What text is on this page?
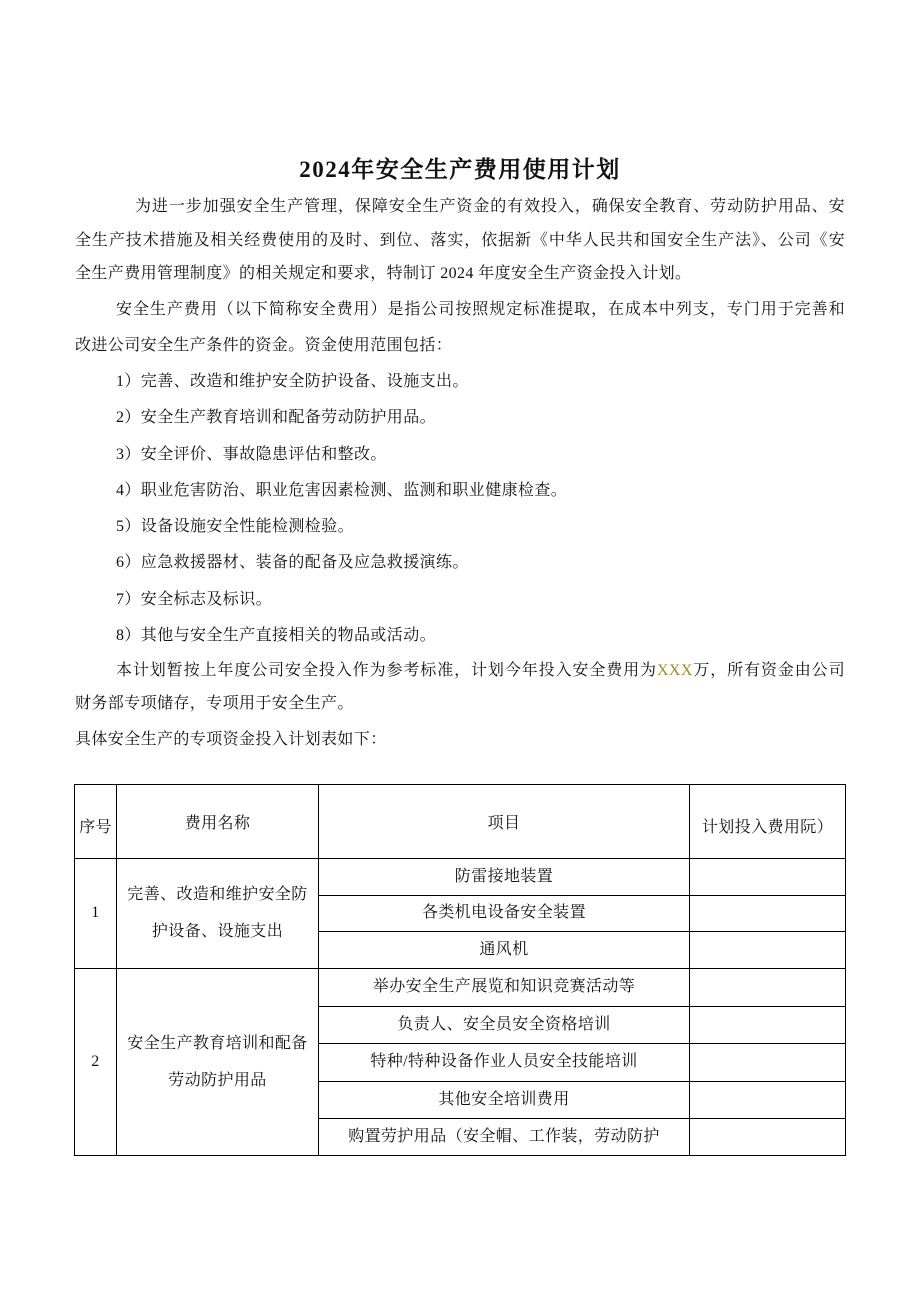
2024年安全生产费用使用计划
为进一步加强安全生产管理，保障安全生产资金的有效投入，确保安全教育、劳动防护用品、安
全生产技术措施及相关经费使用的及时、到位、落实，依据新《中华人民共和国安全生产法》、公司《安
全生产费用管理制度》的相关规定和要求，特制订 2024 年度安全生产资金投入计划。
安全生产费用（以下简称安全费用）是指公司按照规定标准提取，在成本中列支，专门用于完善和
改进公司安全生产条件的资金。资金使用范围包括：
1）完善、改造和维护安全防护设备、设施支出。
2）安全生产教育培训和配备劳动防护用品。
3）安全评价、事故隐患评估和整改。
4）职业危害防治、职业危害因素检测、监测和职业健康检查。
5）设备设施安全性能检测检验。
6）应急救援器材、装备的配备及应急救援演练。
7）安全标志及标识。
8）其他与安全生产直接相关的物品或活动。
本计划暂按上年度公司安全投入作为参考标准，计划今年投入安全费用为XXX万，所有资金由公司
财务部专项储存，专项用于安全生产。
具体安全生产的专项资金投入计划表如下：
序号	费用名称	项目	计划投入费用阮）
1	完善、改造和维护安全防护设备、设施支出	防雷接地装置	
		各类机电设备安全装置	
		通风机	
2	安全生产教育培训和配备劳动防护用品	举办安全生产展览和知识竞赛活动等	
		负责人、安全员安全资格培训	
		特种/特种设备作业人员安全技能培训	
		其他安全培训费用	
		购置劳护用品（安全帽、工作装，劳动防护	
